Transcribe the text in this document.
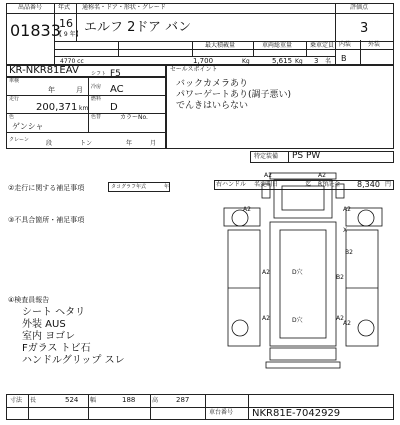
出品番号
01833
年式
16
【 9 年】
通称名・ドア・形状・グレード
エルフ 2ドア バン
評価点
3
内装	外装
B
4770 cc
最大積載量
1,700	Kg
車両総重量
5,615 Kg
乗車定員
3 名
KR-NKR81EAV
車検
年	月
シフト F5
冷房 AC
走行
200,371 km
燃料
D
色
ゲンシャ
色替	カラーNo.
クレーン	段	トン	年	月
セールスポイント
バックカメラあり
パワーゲートあり(調子悪い)
でんきはいらない
特定装備 PS PW
右ハンドル 名変期日	迄 R預託金 8,340 円
②走行に関する補足事項	タコグラフ年式	年
③不具合箇所・補足事項
④検査員報告
シート ヘタリ
外装 AUS
室内 ヨゴレ
Fガラス トビ石
ハンドルグリップ スレ
A2	A2
A2	A2
A2
A2
B2
B2
A2
A2
D穴
D穴
X
寸法 長	524 幅	188	高	287
車台番号 NKR81E-7042929
